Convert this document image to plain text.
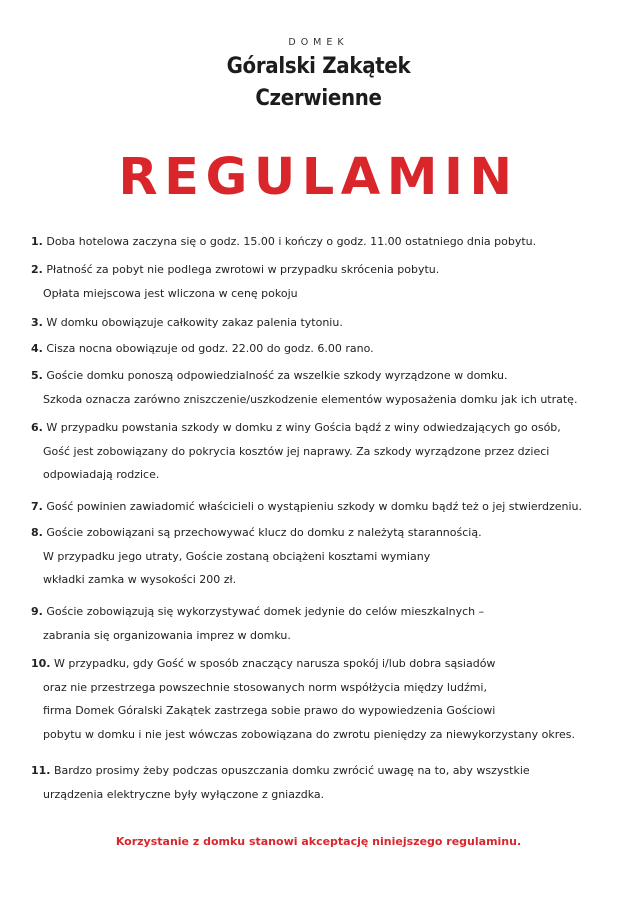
DOMEK
Góralski Zakątek
Czerwienne
REGULAMIN
1. Doba hotelowa zaczyna się o godz. 15.00 i kończy o godz. 11.00 ostatniego dnia pobytu.
2. Płatność za pobyt nie podlega zwrotowi w przypadku skrócenia pobytu.
Opłata miejscowa jest wliczona w cenę pokoju
3. W domku obowiązuje całkowity zakaz palenia tytoniu.
4. Cisza nocna obowiązuje od godz. 22.00 do godz. 6.00 rano.
5. Goście domku ponoszą odpowiedzialność za wszelkie szkody wyrządzone w domku.
Szkoda oznacza zarówno zniszczenie/uszkodzenie elementów wyposażenia domku jak ich utratę.
6. W przypadku powstania szkody w domku z winy Gościa bądź z winy odwiedzających go osób,
Gość jest zobowiązany do pokrycia kosztów jej naprawy. Za szkody wyrządzone przez dzieci
odpowiadają rodzice.
7. Gość powinien zawiadomić właścicieli o wystąpieniu szkody w domku bądź też o jej stwierdzeniu.
8. Goście zobowiązani są przechowywać klucz do domku z należytą starannością.
W przypadku jego utraty, Goście zostaną obciążeni kosztami wymiany
wkładki zamka w wysokości 200 zł.
9. Goście zobowiązują się wykorzystywać domek jedynie do celów mieszkalnych –
zabrania się organizowania imprez w domku.
10. W przypadku, gdy Gość w sposób znaczący narusza spokój i/lub dobra sąsiadów
oraz nie przestrzega powszechnie stosowanych norm współżycia między ludźmi,
firma Domek Góralski Zakątek zastrzega sobie prawo do wypowiedzenia Gościowi
pobytu w domku i nie jest wówczas zobowiązana do zwrotu pieniędzy za niewykorzystany okres.
11. Bardzo prosimy żeby podczas opuszczania domku zwrócić uwagę na to, aby wszystkie
urządzenia elektryczne były wyłączone z gniazdka.
Korzystanie z domku stanowi akceptację niniejszego regulaminu.
